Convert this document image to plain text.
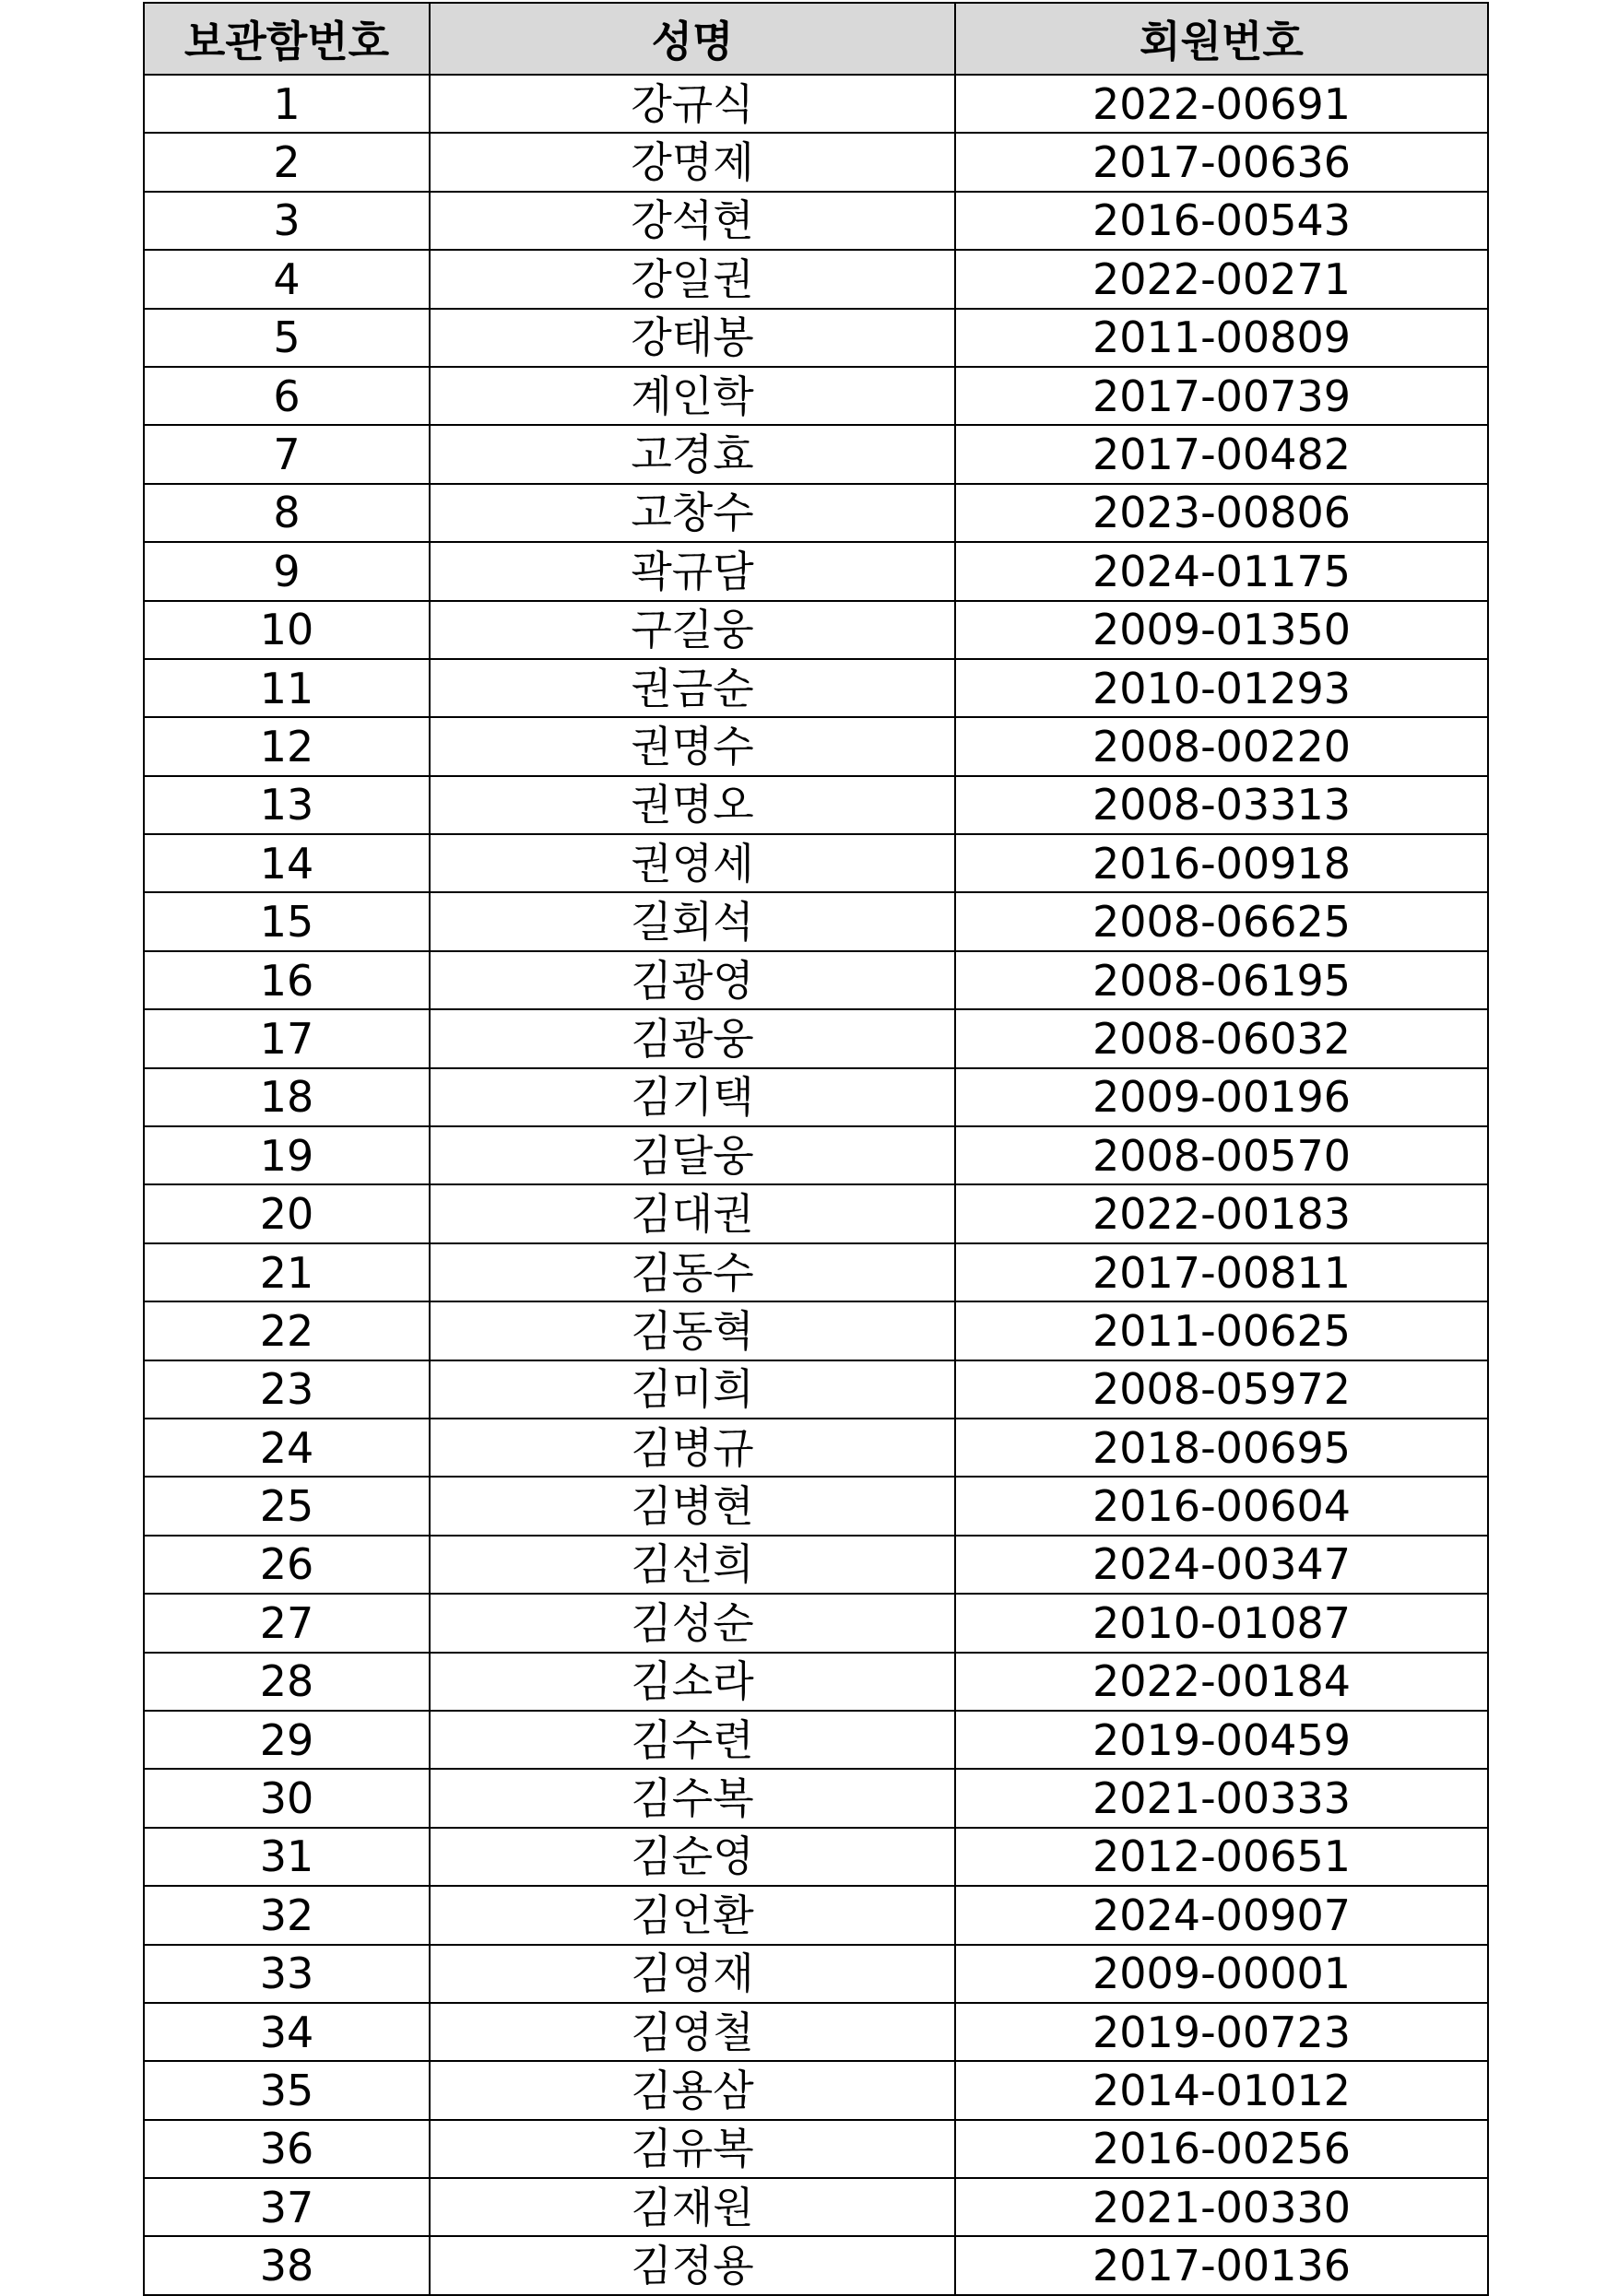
보관함번호	성명	회원번호
1	강규식	2022-00691
2	강명제	2017-00636
3	강석현	2016-00543
4	강일권	2022-00271
5	강태봉	2011-00809
6	계인학	2017-00739
7	고경효	2017-00482
8	고창수	2023-00806
9	곽규담	2024-01175
10	구길웅	2009-01350
11	권금순	2010-01293
12	권명수	2008-00220
13	권명오	2008-03313
14	권영세	2016-00918
15	길회석	2008-06625
16	김광영	2008-06195
17	김광웅	2008-06032
18	김기택	2009-00196
19	김달웅	2008-00570
20	김대권	2022-00183
21	김동수	2017-00811
22	김동혁	2011-00625
23	김미희	2008-05972
24	김병규	2018-00695
25	김병현	2016-00604
26	김선희	2024-00347
27	김성순	2010-01087
28	김소라	2022-00184
29	김수련	2019-00459
30	김수복	2021-00333
31	김순영	2012-00651
32	김언환	2024-00907
33	김영재	2009-00001
34	김영철	2019-00723
35	김용삼	2014-01012
36	김유복	2016-00256
37	김재원	2021-00330
38	김정용	2017-00136
